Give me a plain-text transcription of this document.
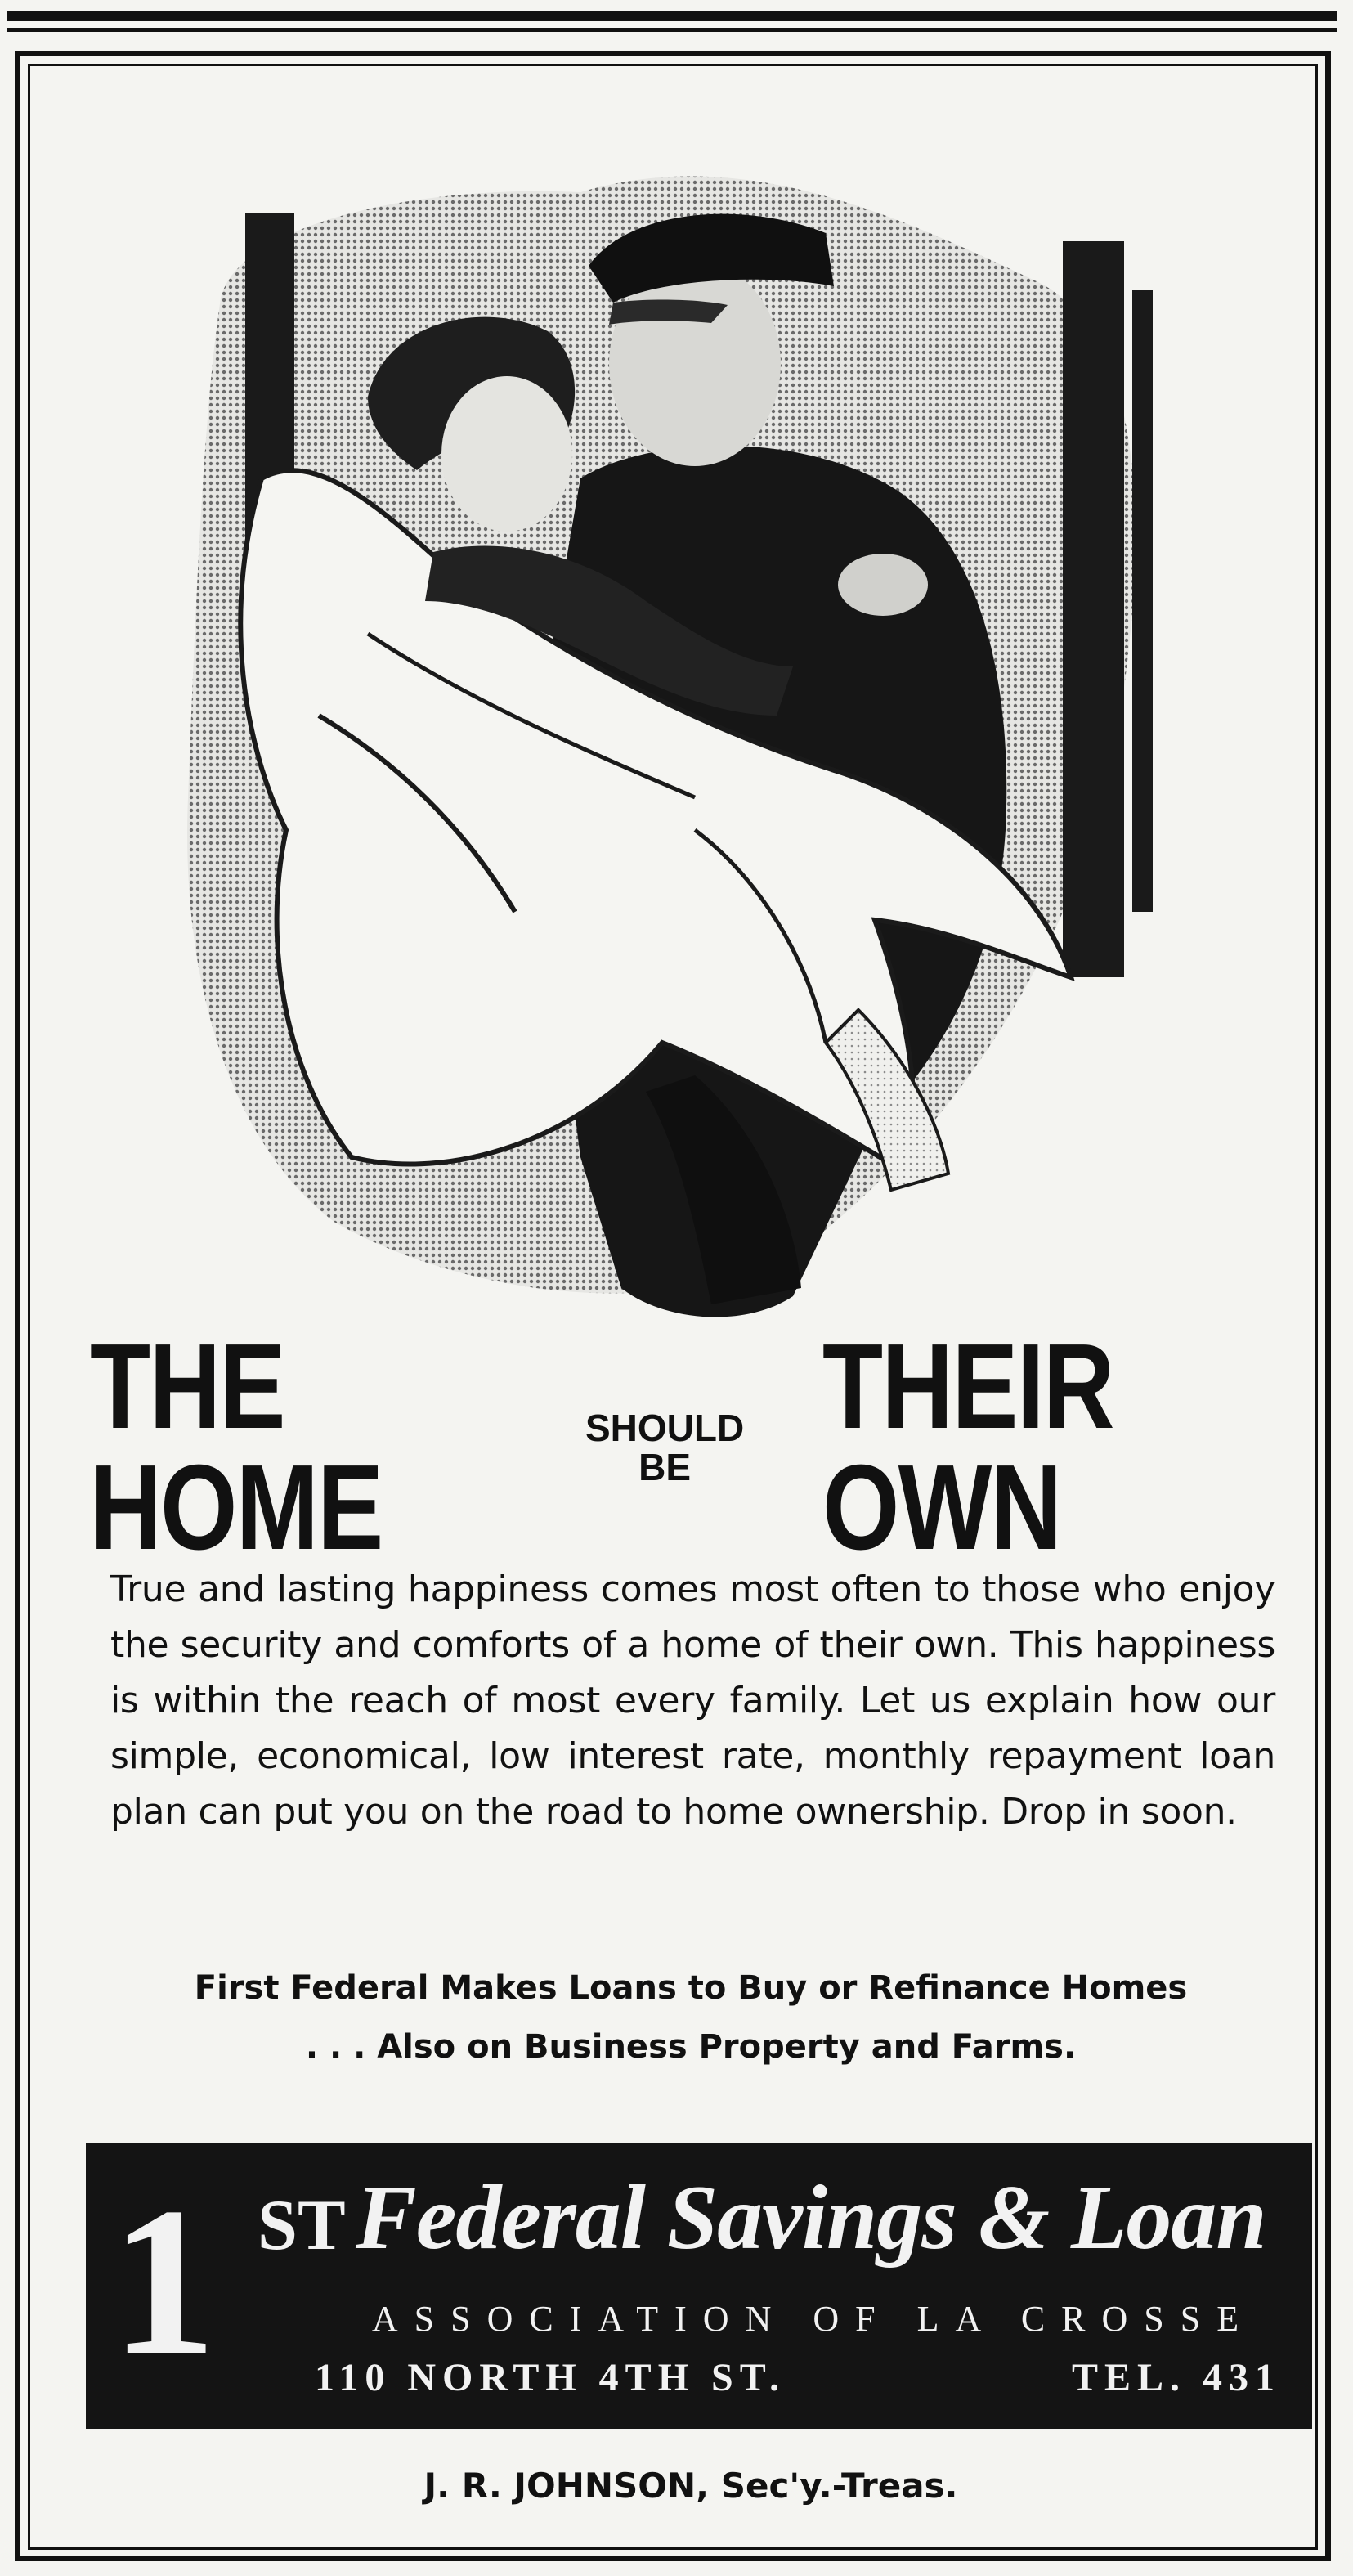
THE HOME
SHOULD
BE
THEIR OWN

True and lasting happiness comes most often to those who enjoy the security and comforts of a home of their own. This happiness is within the reach of most every family. Let us explain how our simple, economical, low interest rate, monthly repayment loan plan can put you on the road to home ownership. Drop in soon.

First Federal Makes Loans to Buy or Refinance Homes
. . . Also on Business Property and Farms.
1 ST Federal Savings & Loan
ASSOCIATION OF LA CROSSE
110 NORTH 4TH ST.	TEL. 431
J. R. JOHNSON, Sec'y.-Treas.
